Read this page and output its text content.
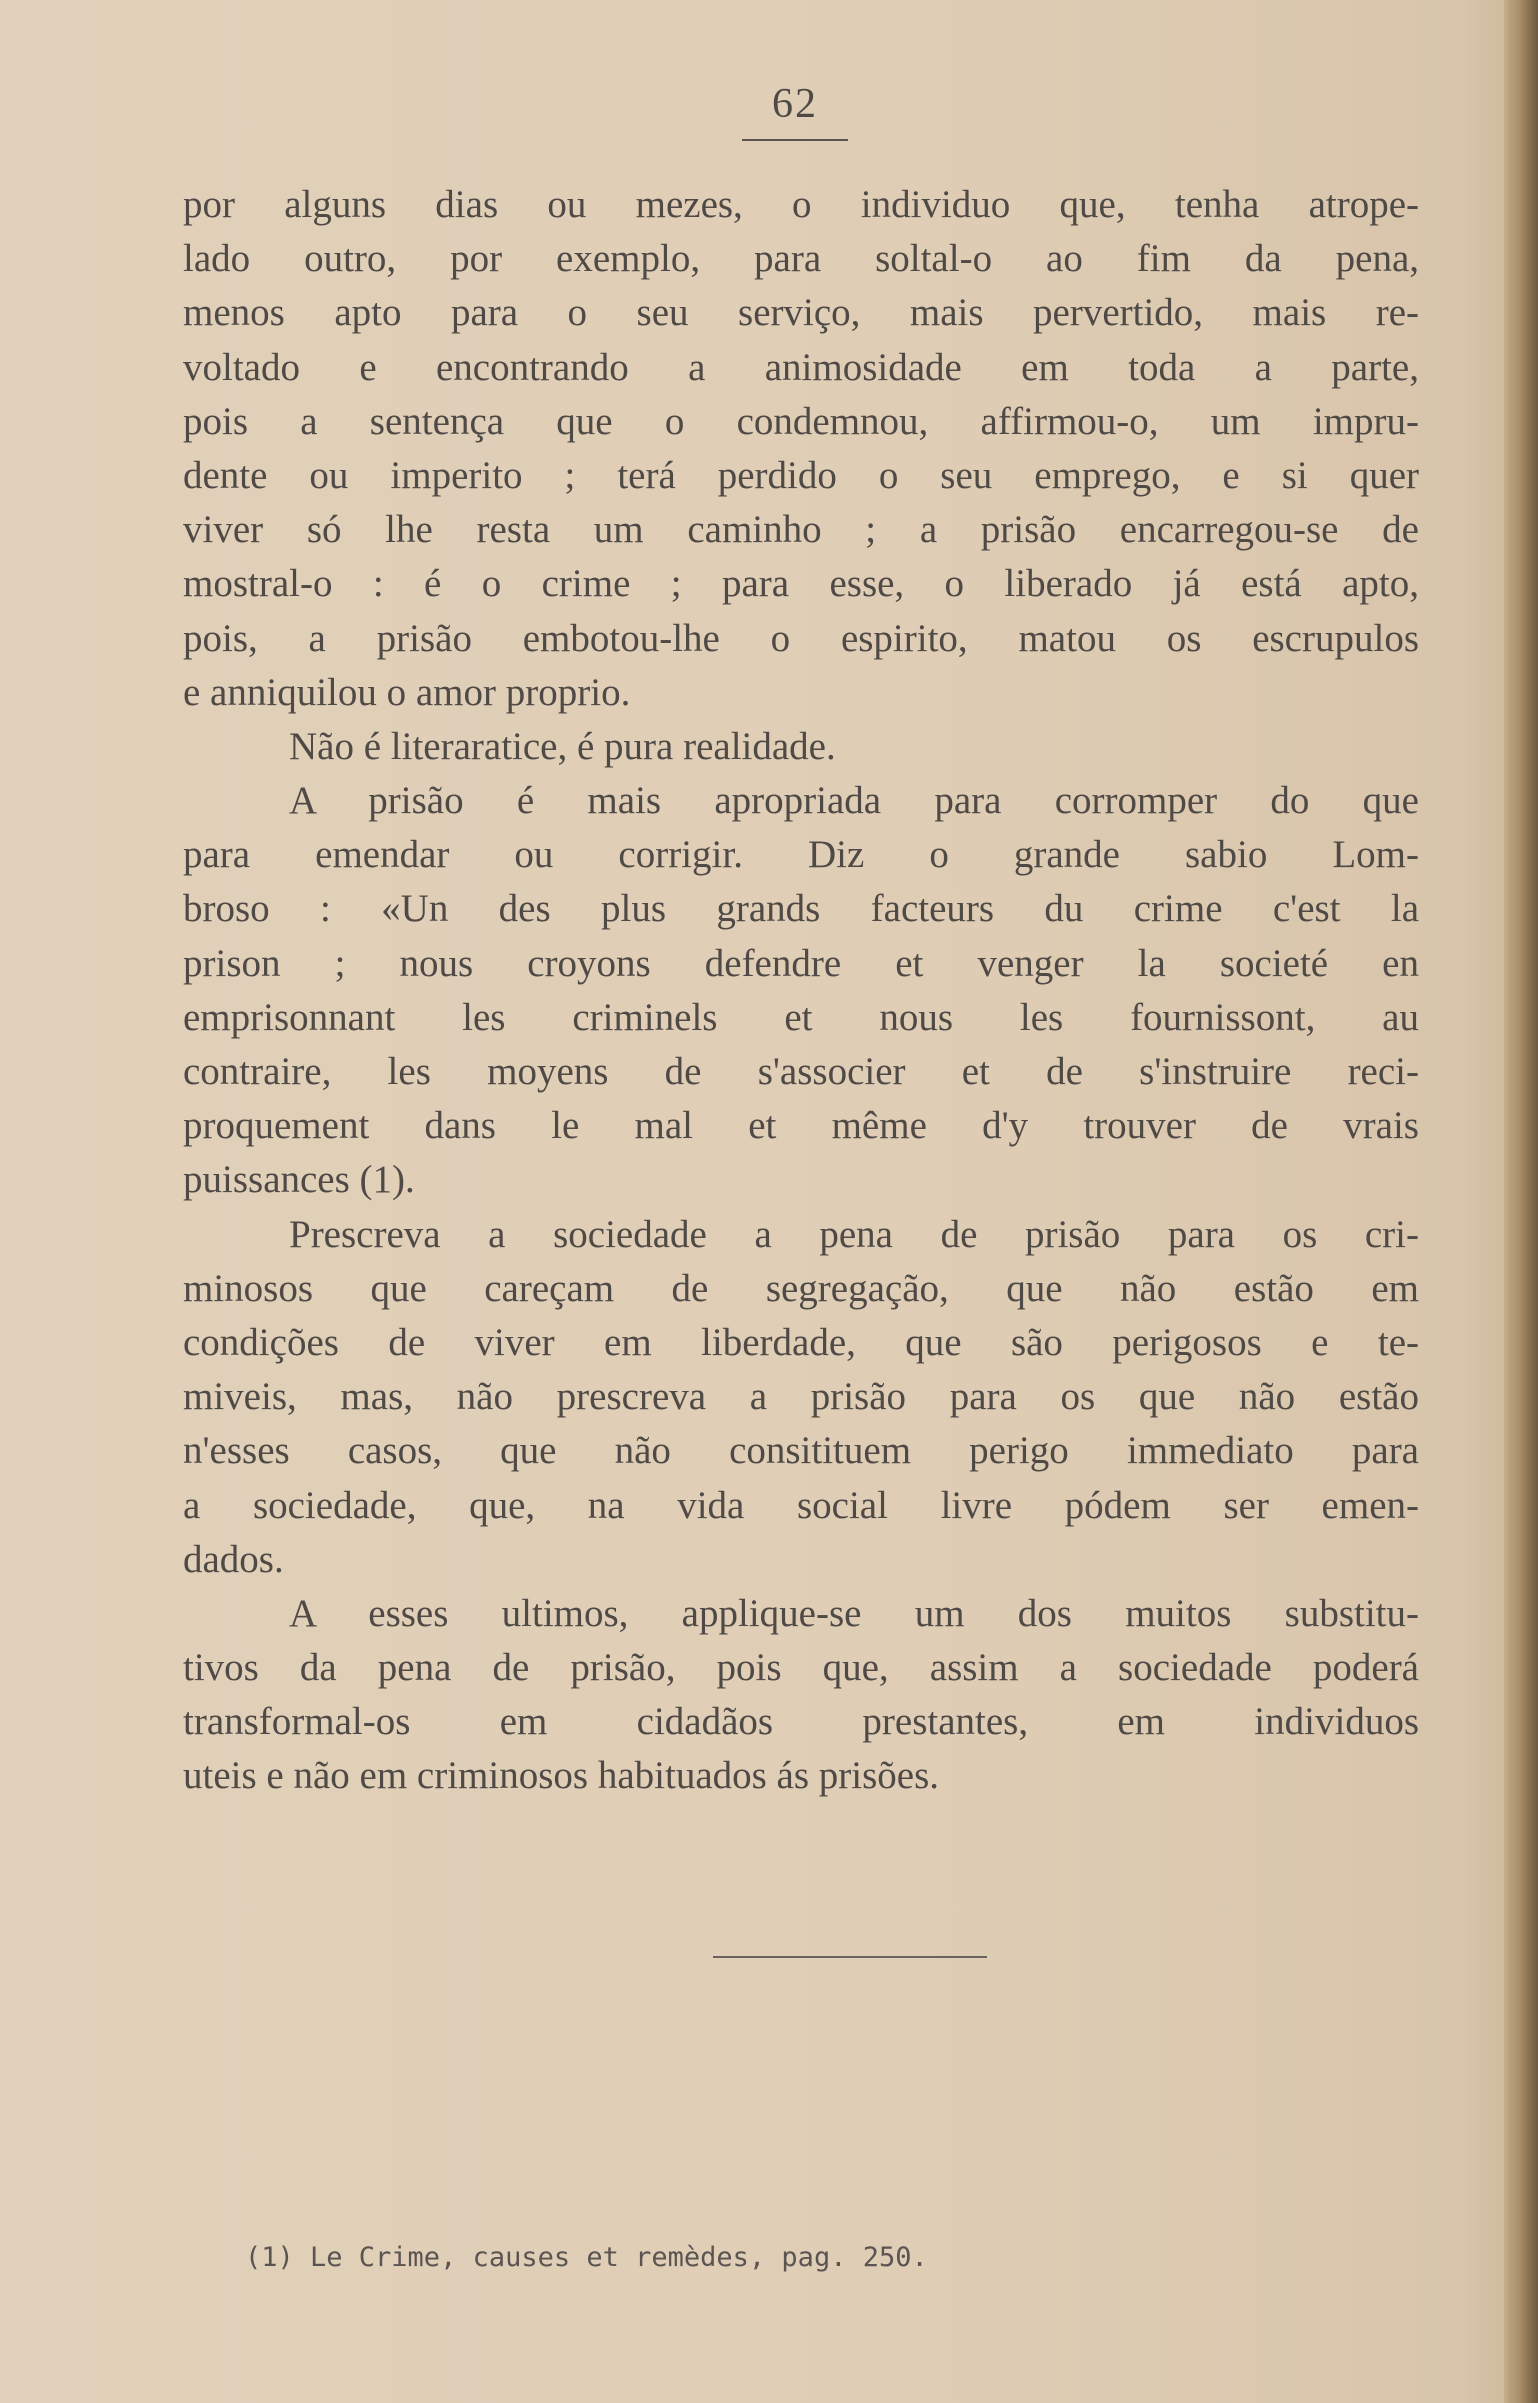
62
por alguns dias ou mezes, o individuo que, tenha atrope-
lado outro, por exemplo, para soltal-o ao fim da pena,
menos apto para o seu serviço, mais pervertido, mais re-
voltado e encontrando a animosidade em toda a parte,
pois a sentença que o condemnou, affirmou-o, um impru-
dente ou imperito ; terá perdido o seu emprego, e si quer
viver só lhe resta um caminho ; a prisão encarregou-se de
mostral-o : é o crime ; para esse, o liberado já está apto,
pois, a prisão embotou-lhe o espirito, matou os escrupulos
e anniquilou o amor proprio.
Não é literaratice, é pura realidade.
A prisão é mais apropriada para corromper do que
para emendar ou corrigir. Diz o grande sabio Lom-
broso : «Un des plus grands facteurs du crime c'est la
prison ; nous croyons defendre et venger la societé en
emprisonnant les criminels et nous les fournissont, au
contraire, les moyens de s'associer et de s'instruire reci-
proquement dans le mal et même d'y trouver de vrais
puissances (1).
Prescreva a sociedade a pena de prisão para os cri-
minosos que careçam de segregação, que não estão em
condições de viver em liberdade, que são perigosos e te-
miveis, mas, não prescreva a prisão para os que não estão
n'esses casos, que não consitituem perigo immediato para
a sociedade, que, na vida social livre pódem ser emen-
dados.
A esses ultimos, applique-se um dos muitos substitu-
tivos da pena de prisão, pois que, assim a sociedade poderá
transformal-os em cidadãos prestantes, em individuos
uteis e não em criminosos habituados ás prisões.
(1) Le Crime, causes et remèdes, pag. 250.
